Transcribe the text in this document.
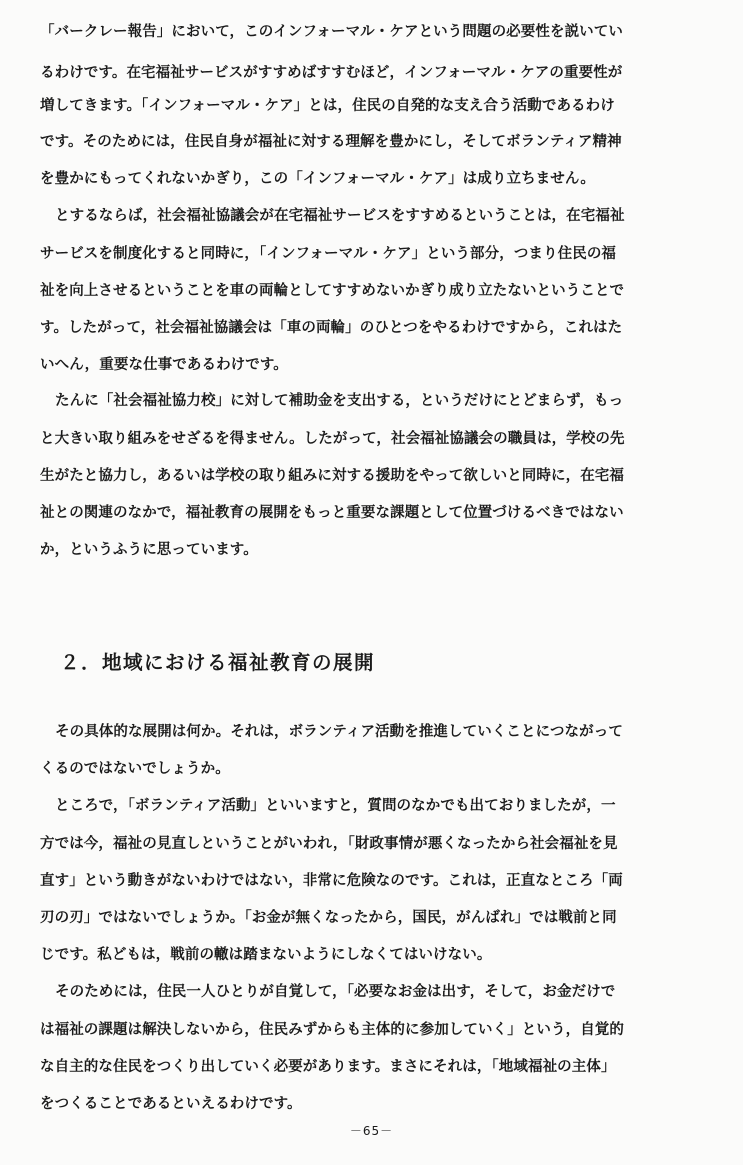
「バークレー報告」において，このインフォーマル・ケアという問題の必要性を説いてい
るわけです。在宅福祉サービスがすすめばすすむほど，インフォーマル・ケアの重要性が
増してきます。「インフォーマル・ケア」とは，住民の自発的な支え合う活動であるわけ
です。そのためには，住民自身が福祉に対する理解を豊かにし，そしてボランティア精神
を豊かにもってくれないかぎり，この「インフォーマル・ケア」は成り立ちません。
とするならば，社会福祉協議会が在宅福祉サービスをすすめるということは，在宅福祉
サービスを制度化すると同時に，「インフォーマル・ケア」という部分，つまり住民の福
祉を向上させるということを車の両輪としてすすめないかぎり成り立たないということで
す。したがって，社会福祉協議会は「車の両輪」のひとつをやるわけですから，これはた
いへん，重要な仕事であるわけです。
たんに「社会福祉協力校」に対して補助金を支出する，というだけにとどまらず，もっ
と大きい取り組みをせざるを得ません。したがって，社会福祉協議会の職員は，学校の先
生がたと協力し，あるいは学校の取り組みに対する援助をやって欲しいと同時に，在宅福
祉との関連のなかで，福祉教育の展開をもっと重要な課題として位置づけるべきではない
か，というふうに思っています。
２．地域における福祉教育の展開
その具体的な展開は何か。それは，ボランティア活動を推進していくことにつながって
くるのではないでしょうか。
ところで，「ボランティア活動」といいますと，質問のなかでも出ておりましたが，一
方では今，福祉の見直しということがいわれ，「財政事情が悪くなったから社会福祉を見
直す」という動きがないわけではない，非常に危険なのです。これは，正直なところ「両
刃の刃」ではないでしょうか。「お金が無くなったから，国民，がんばれ」では戦前と同
じです。私どもは，戦前の轍は踏まないようにしなくてはいけない。
そのためには，住民一人ひとりが自覚して，「必要なお金は出す，そして，お金だけで
は福祉の課題は解決しないから，住民みずからも主体的に参加していく」という，自覚的
な自主的な住民をつくり出していく必要があります。まさにそれは，「地域福祉の主体」
をつくることであるといえるわけです。
－65－
